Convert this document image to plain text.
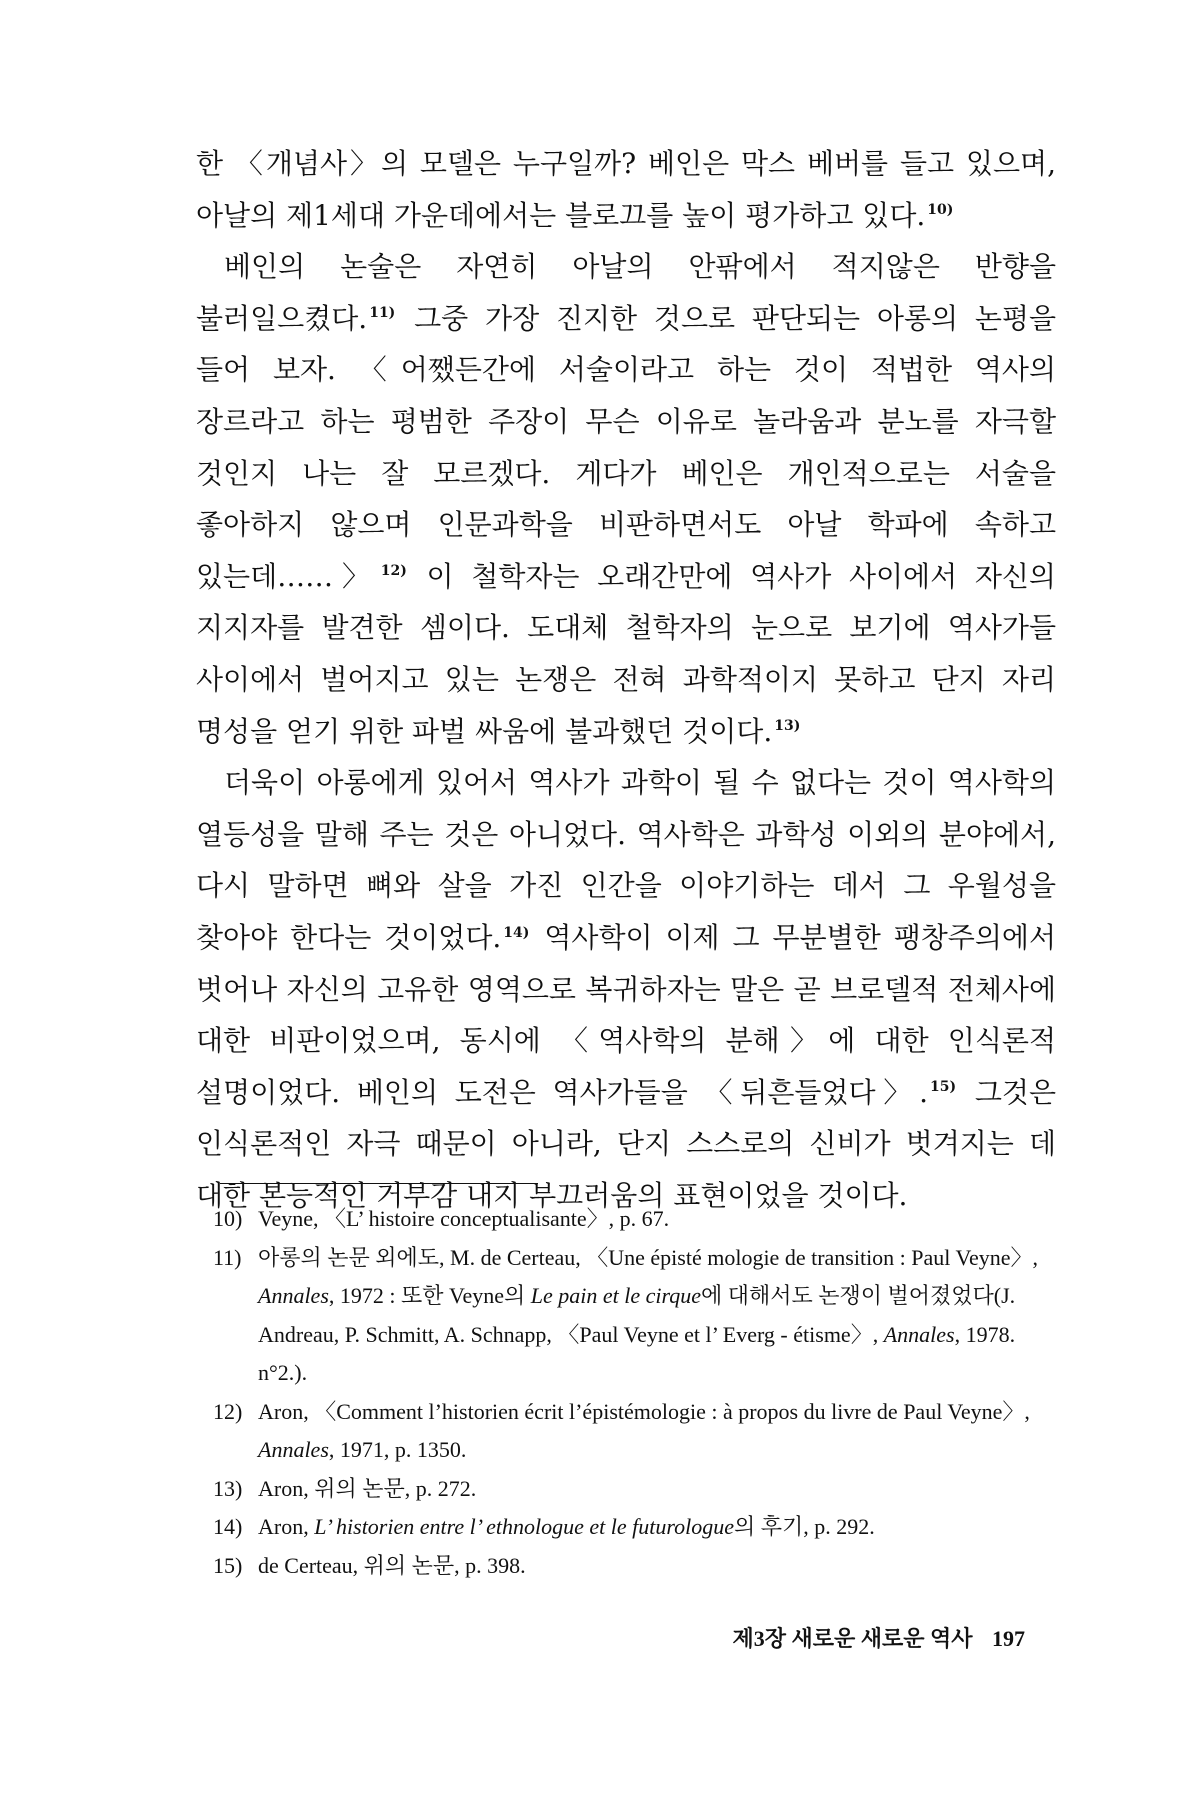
한 〈개념사〉의 모델은 누구일까? 베인은 막스 베버를 들고 있으며, 아날의 제1세대 가운데에서는 블로끄를 높이 평가하고 있다. $^{10)}$

베인의 논술은 자연히 아날의 안팎에서 적지않은 반향을 불러일으켰다. $^{11)}$ 그중 가장 진지한 것으로 판단되는 아롱의 논평을 들어 보자. 〈어쨌든간에 서술이라고 하는 것이 적법한 역사의 장르라고 하는 평범한 주장이 무슨 이유로 놀라움과 분노를 자극할 것인지 나는 잘 모르겠다. 게다가 베인은 개인적으로는 서술을 좋아하지 않으며 인문과학을 비판하면서도 아날 학파에 속하고 있는데……〉 $^{12)}$ 이 철학자는 오래간만에 역사가 사이에서 자신의 지지자를 발견한 셈이다. 도대체 철학자의 눈으로 보기에 역사가들 사이에서 벌어지고 있는 논쟁은 전혀 과학적이지 못하고 단지 자리 명성을 얻기 위한 파벌 싸움에 불과했던 것이다. $^{13)}$

더욱이 아롱에게 있어서 역사가 과학이 될 수 없다는 것이 역사학의 열등성을 말해 주는 것은 아니었다. 역사학은 과학성 이외의 분야에서, 다시 말하면 뼈와 살을 가진 인간을 이야기하는 데서 그 우월성을 찾아야 한다는 것이었다. $^{14)}$ 역사학이 이제 그 무분별한 팽창주의에서 벗어나 자신의 고유한 영역으로 복귀하자는 말은 곧 브로델적 전체사에 대한 비판이었으며, 동시에 〈역사학의 분해〉에 대한 인식론적 설명이었다. 베인의 도전은 역사가들을 〈뒤흔들었다〉. $^{15)}$ 그것은 인식론적인 자극 때문이 아니라, 단지 스스로의 신비가 벗겨지는 데 대한 본능적인 거부감 내지 부끄러움의 표현이었을 것이다.

10) Veyne, 〈L’ histoire conceptualisante〉, p. 67.
11) 아롱의 논문 외에도, M. de Certeau, 〈Une épisté mologie de transition : Paul Veyne〉, Annales, 1972 : 또한 Veyne의 Le pain et le cirque에 대해서도 논쟁이 벌어졌었다(J. Andreau, P. Schmitt, A. Schnapp, 〈Paul Veyne et l’ Everg - étisme〉, Annales, 1978. n°2.).
12) Aron, 〈Comment l’historien écrit l’épistémologie : à propos du livre de Paul Veyne〉, Annales, 1971, p. 1350.
13) Aron, 위의 논문, p. 272.
14) Aron, L’ historien entre l’ ethnologue et le futurologue의 후기, p. 292.
15) de Certeau, 위의 논문, p. 398.
제3장 새로운 새로운 역사 197
